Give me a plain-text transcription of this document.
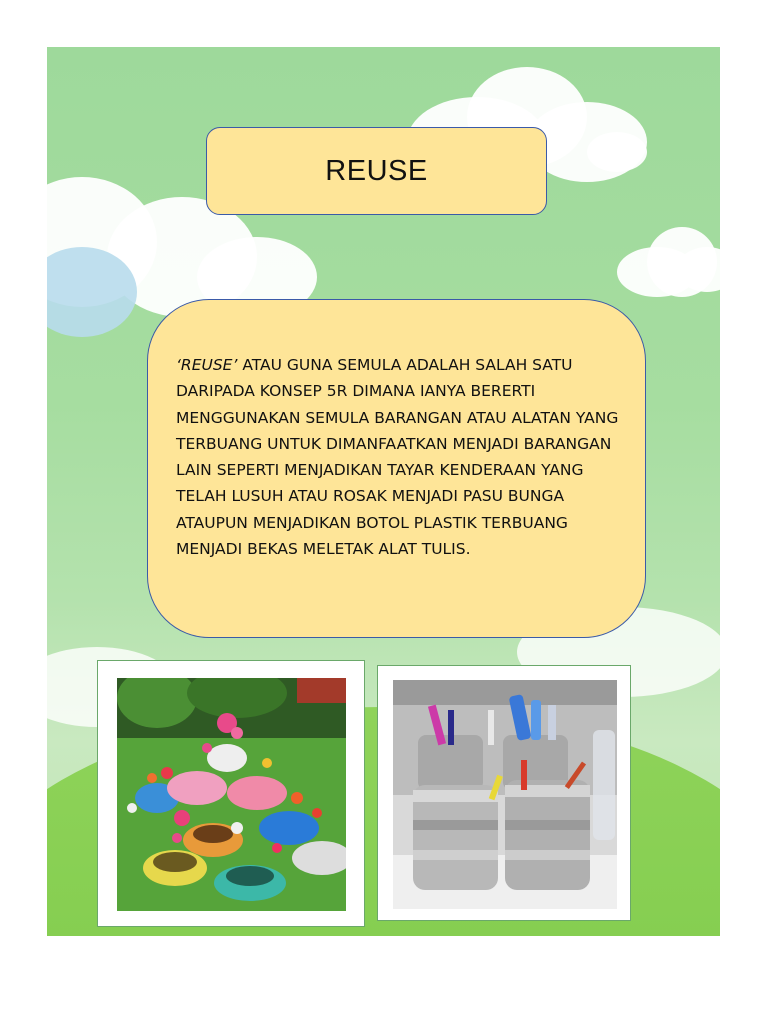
REUSE
‘REUSE’ ATAU GUNA SEMULA ADALAH SALAH SATU DARIPADA KONSEP 5R DIMANA IANYA BERERTI MENGGUNAKAN SEMULA BARANGAN ATAU ALATAN YANG TERBUANG UNTUK DIMANFAATKAN MENJADI BARANGAN LAIN SEPERTI MENJADIKAN TAYAR KENDERAAN YANG TELAH LUSUH ATAU ROSAK MENJADI PASU BUNGA ATAUPUN MENJADIKAN BOTOL PLASTIK TERBUANG MENJADI BEKAS MELETAK ALAT TULIS.
